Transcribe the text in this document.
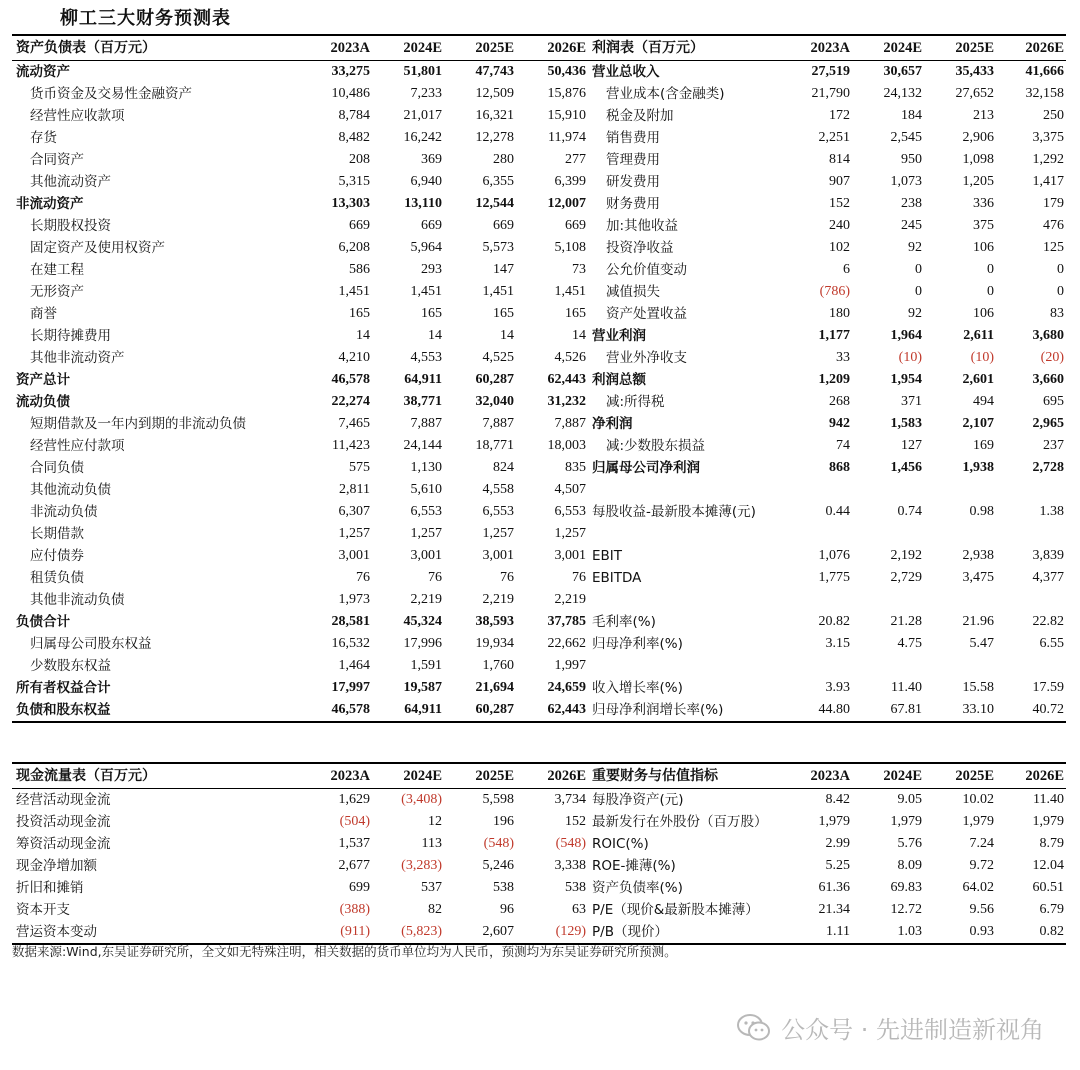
柳工三大财务预测表
资产负债表（百万元）	2023A	2024E	2025E	2026E
流动资产	33,275	51,801	47,743	50,436
货币资金及交易性金融资产	10,486	7,233	12,509	15,876
经营性应收款项	8,784	21,017	16,321	15,910
存货	8,482	16,242	12,278	11,974
合同资产	208	369	280	277
其他流动资产	5,315	6,940	6,355	6,399
非流动资产	13,303	13,110	12,544	12,007
长期股权投资	669	669	669	669
固定资产及使用权资产	6,208	5,964	5,573	5,108
在建工程	586	293	147	73
无形资产	1,451	1,451	1,451	1,451
商誉	165	165	165	165
长期待摊费用	14	14	14	14
其他非流动资产	4,210	4,553	4,525	4,526
资产总计	46,578	64,911	60,287	62,443
流动负债	22,274	38,771	32,040	31,232
短期借款及一年内到期的非流动负债	7,465	7,887	7,887	7,887
经营性应付款项	11,423	24,144	18,771	18,003
合同负债	575	1,130	824	835
其他流动负债	2,811	5,610	4,558	4,507
非流动负债	6,307	6,553	6,553	6,553
长期借款	1,257	1,257	1,257	1,257
应付债券	3,001	3,001	3,001	3,001
租赁负债	76	76	76	76
其他非流动负债	1,973	2,219	2,219	2,219
负债合计	28,581	45,324	38,593	37,785
归属母公司股东权益	16,532	17,996	19,934	22,662
少数股东权益	1,464	1,591	1,760	1,997
所有者权益合计	17,997	19,587	21,694	24,659
负债和股东权益	46,578	64,911	60,287	62,443
利润表（百万元）	2023A	2024E	2025E	2026E
营业总收入	27,519	30,657	35,433	41,666
营业成本(含金融类)	21,790	24,132	27,652	32,158
税金及附加	172	184	213	250
销售费用	2,251	2,545	2,906	3,375
管理费用	814	950	1,098	1,292
研发费用	907	1,073	1,205	1,417
财务费用	152	238	336	179
加:其他收益	240	245	375	476
投资净收益	102	92	106	125
公允价值变动	6	0	0	0
减值损失	(786)	0	0	0
资产处置收益	180	92	106	83
营业利润	1,177	1,964	2,611	3,680
营业外净收支	33	(10)	(10)	(20)
利润总额	1,209	1,954	2,601	3,660
减:所得税	268	371	494	695
净利润	942	1,583	2,107	2,965
减:少数股东损益	74	127	169	237
归属母公司净利润	868	1,456	1,938	2,728

每股收益-最新股本摊薄(元)	0.44	0.74	0.98	1.38

EBIT	1,076	2,192	2,938	3,839
EBITDA	1,775	2,729	3,475	4,377

毛利率(%)	20.82	21.28	21.96	22.82
归母净利率(%)	3.15	4.75	5.47	6.55

收入增长率(%)	3.93	11.40	15.58	17.59
归母净利润增长率(%)	44.80	67.81	33.10	40.72
现金流量表（百万元）	2023A	2024E	2025E	2026E
经营活动现金流	1,629	(3,408)	5,598	3,734
投资活动现金流	(504)	12	196	152
筹资活动现金流	1,537	113	(548)	(548)
现金净增加额	2,677	(3,283)	5,246	3,338
折旧和摊销	699	537	538	538
资本开支	(388)	82	96	63
营运资本变动	(911)	(5,823)	2,607	(129)
重要财务与估值指标	2023A	2024E	2025E	2026E
每股净资产(元)	8.42	9.05	10.02	11.40
最新发行在外股份（百万股）	1,979	1,979	1,979	1,979
ROIC(%)	2.99	5.76	7.24	8.79
ROE-摊薄(%)	5.25	8.09	9.72	12.04
资产负债率(%)	61.36	69.83	64.02	60.51
P/E（现价&最新股本摊薄）	21.34	12.72	9.56	6.79
P/B（现价）	1.11	1.03	0.93	0.82
数据来源:Wind,东吴证券研究所，全文如无特殊注明，相关数据的货币单位均为人民币，预测均为东吴证券研究所预测。
公众号 · 先进制造新视角
